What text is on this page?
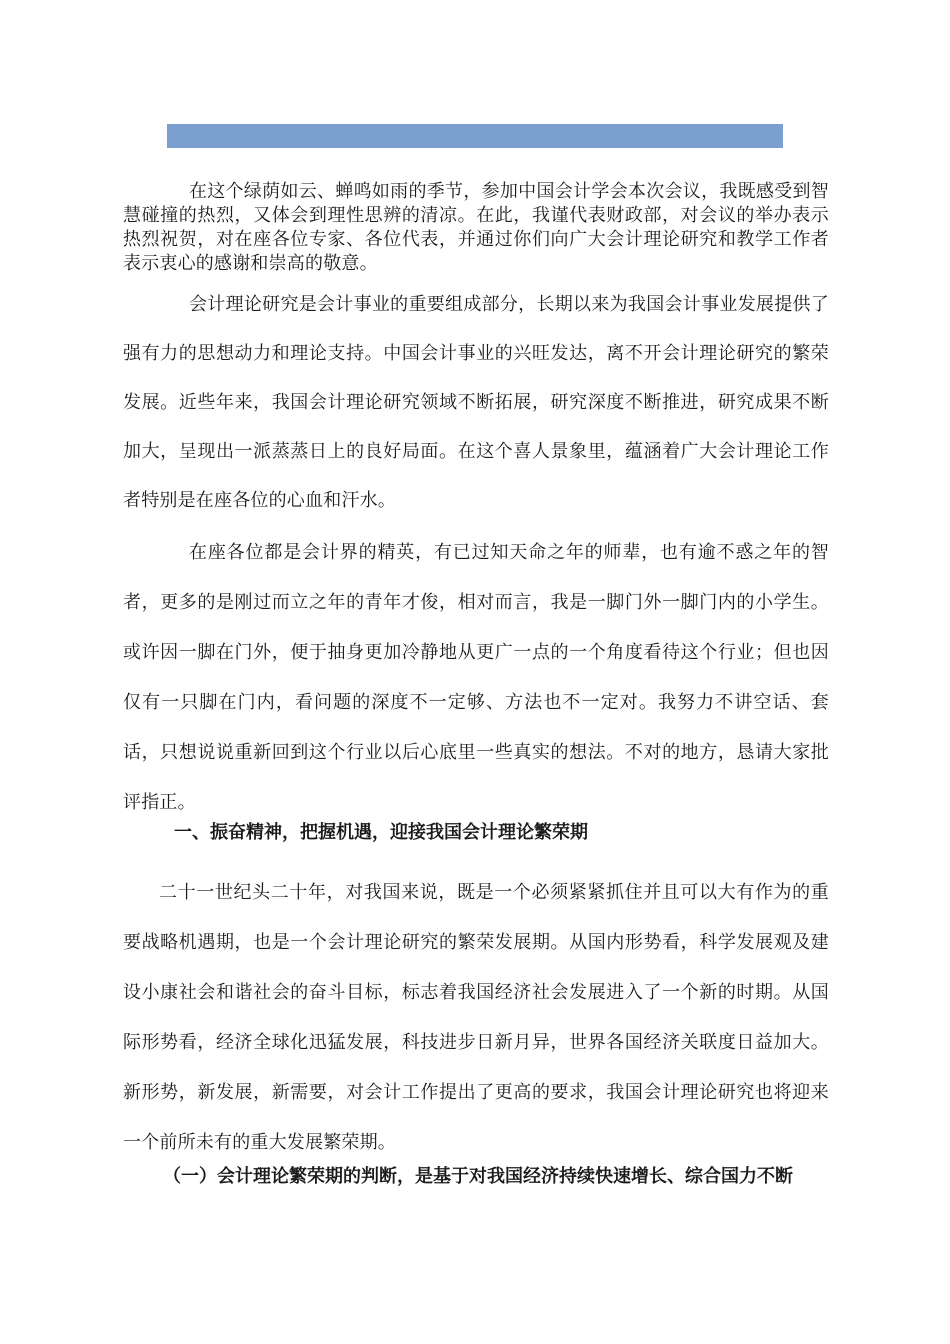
在这个绿荫如云、蝉鸣如雨的季节，参加中国会计学会本次会议，我既感受到智慧碰撞的热烈，又体会到理性思辨的清凉。在此，我谨代表财政部，对会议的举办表示热烈祝贺，对在座各位专家、各位代表，并通过你们向广大会计理论研究和教学工作者表示衷心的感谢和崇高的敬意。

会计理论研究是会计事业的重要组成部分，长期以来为我国会计事业发展提供了强有力的思想动力和理论支持。中国会计事业的兴旺发达，离不开会计理论研究的繁荣发展。近些年来，我国会计理论研究领域不断拓展，研究深度不断推进，研究成果不断加大，呈现出一派蒸蒸日上的良好局面。在这个喜人景象里，蕴涵着广大会计理论工作者特别是在座各位的心血和汗水。

在座各位都是会计界的精英，有已过知天命之年的师辈，也有逾不惑之年的智者，更多的是刚过而立之年的青年才俊，相对而言，我是一脚门外一脚门内的小学生。或许因一脚在门外，便于抽身更加冷静地从更广一点的一个角度看待这个行业；但也因仅有一只脚在门内，看问题的深度不一定够、方法也不一定对。我努力不讲空话、套话，只想说说重新回到这个行业以后心底里一些真实的想法。不对的地方，恳请大家批评指正。

一、振奋精神，把握机遇，迎接我国会计理论繁荣期

二十一世纪头二十年，对我国来说，既是一个必须紧紧抓住并且可以大有作为的重要战略机遇期，也是一个会计理论研究的繁荣发展期。从国内形势看，科学发展观及建设小康社会和谐社会的奋斗目标，标志着我国经济社会发展进入了一个新的时期。从国际形势看，经济全球化迅猛发展，科技进步日新月异，世界各国经济关联度日益加大。新形势，新发展，新需要，对会计工作提出了更高的要求，我国会计理论研究也将迎来一个前所未有的重大发展繁荣期。

（一）会计理论繁荣期的判断，是基于对我国经济持续快速增长、综合国力不断
